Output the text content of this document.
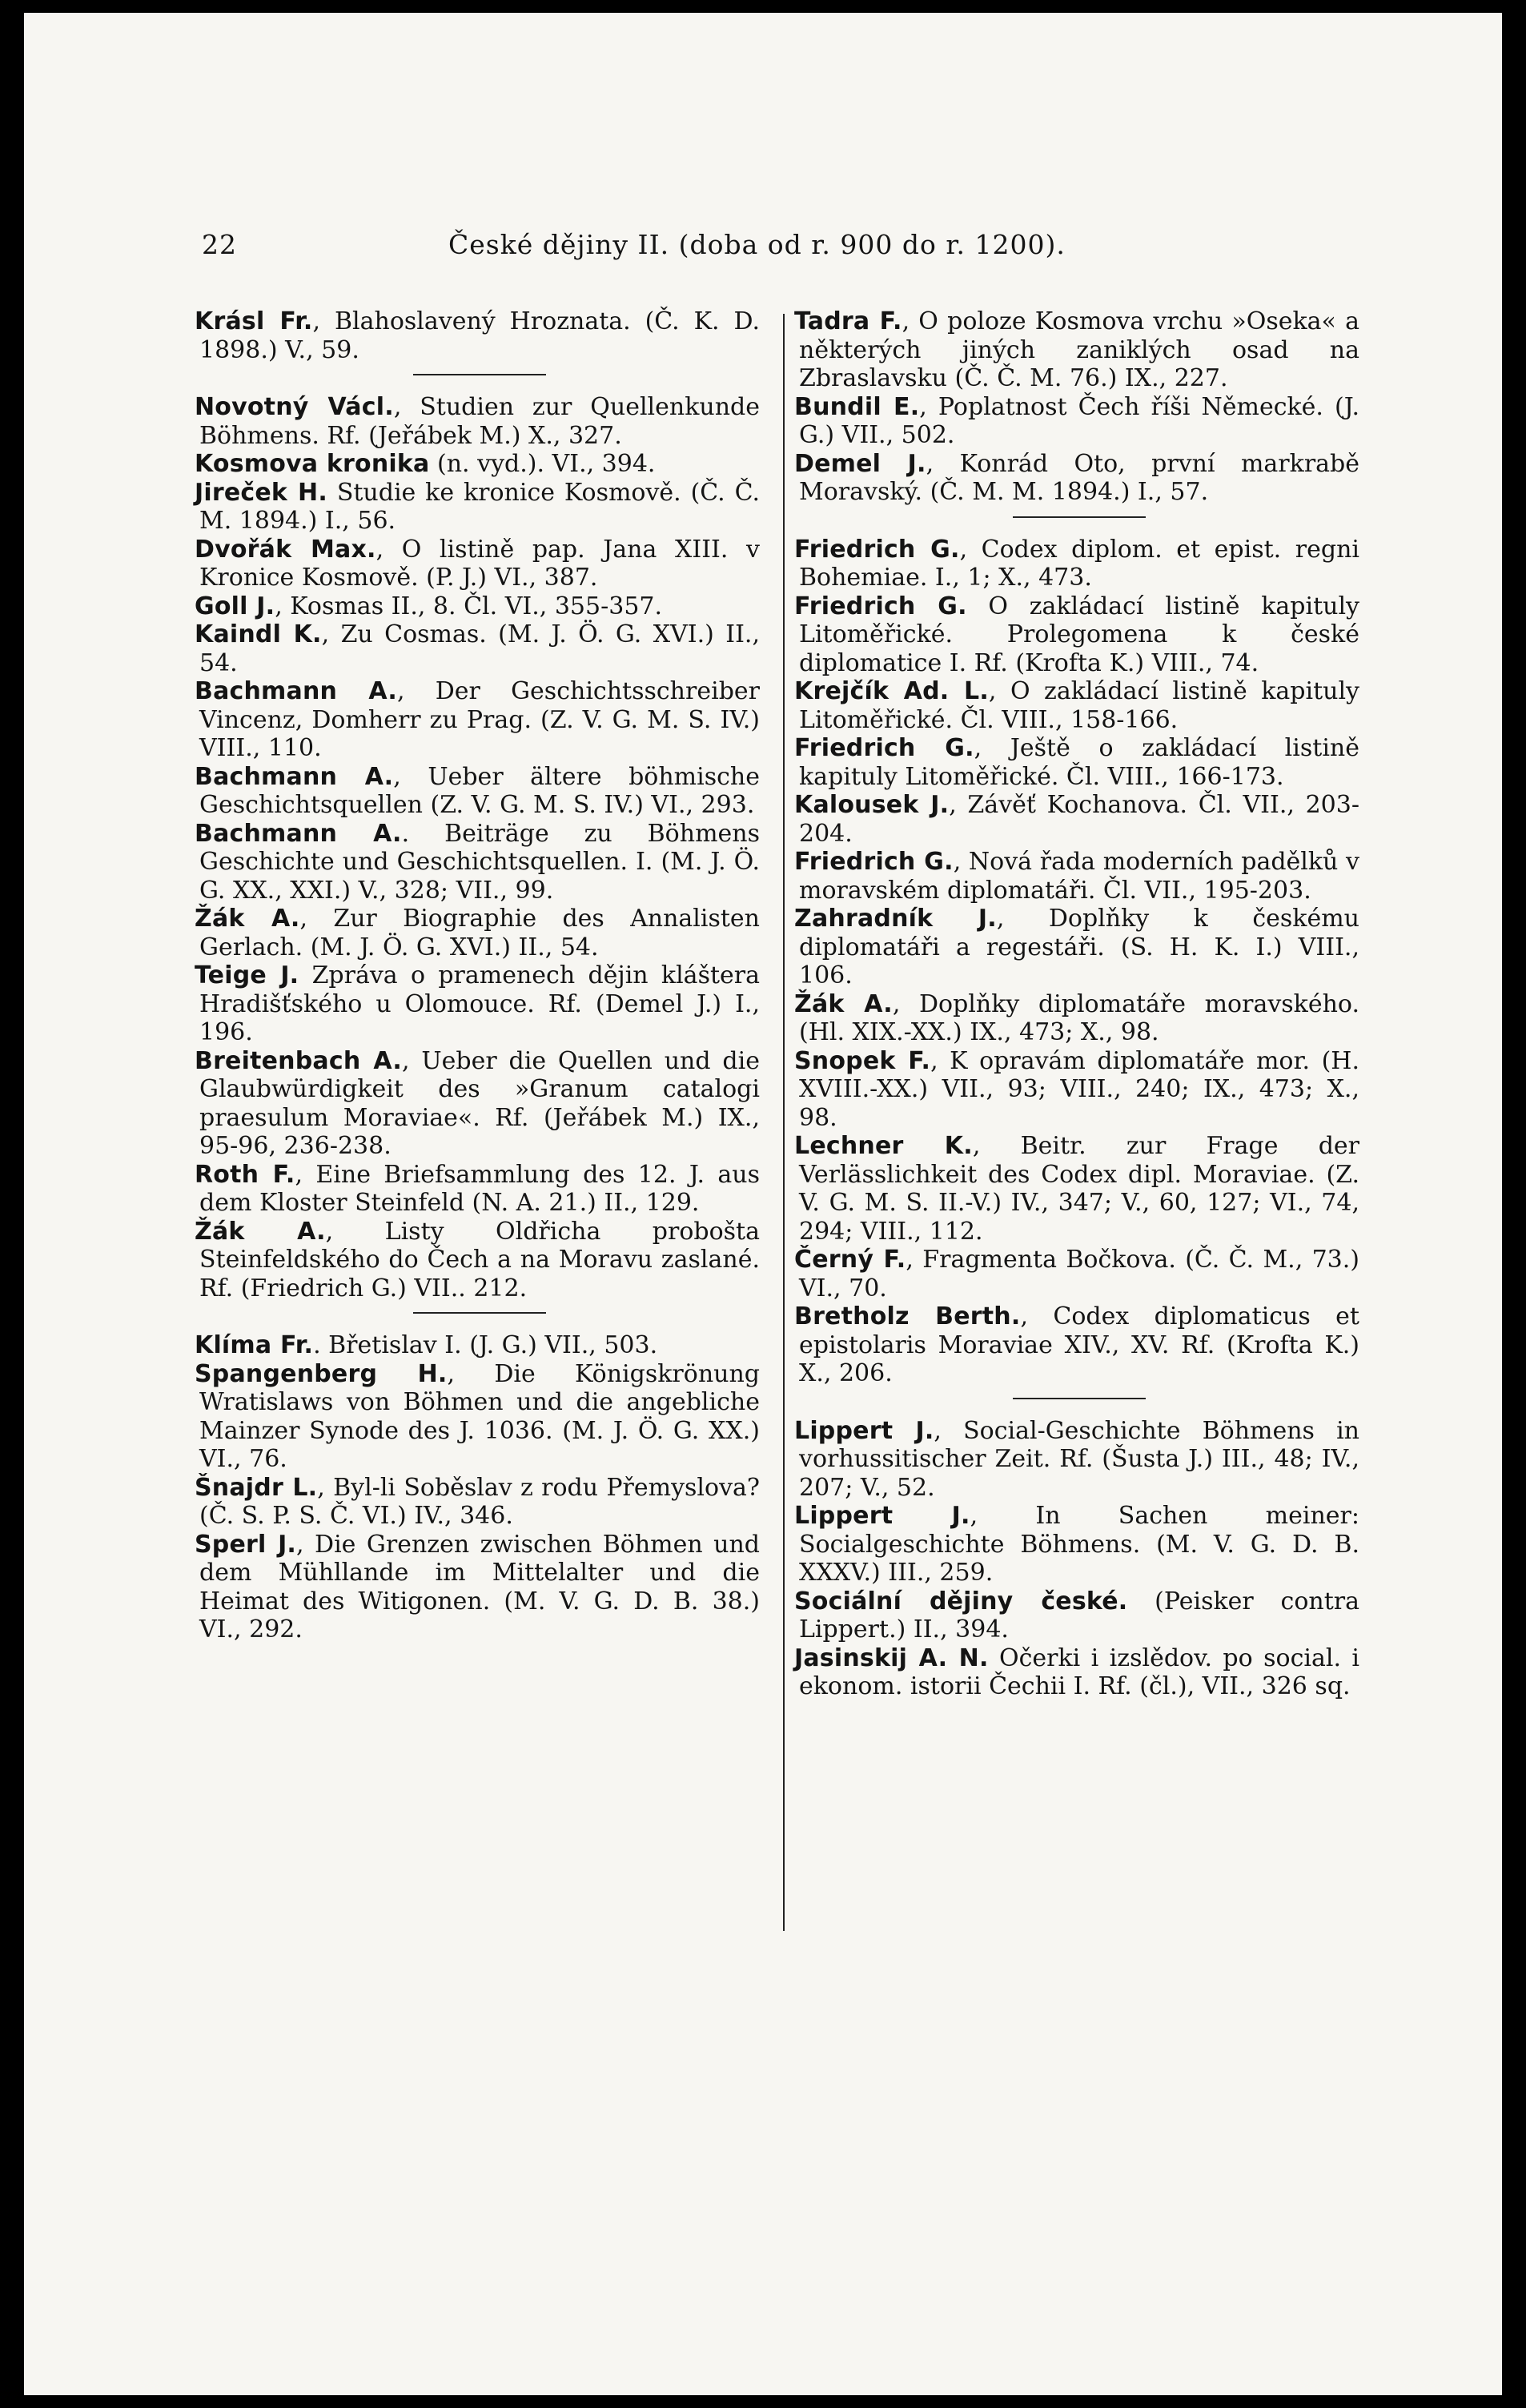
22	České dějiny II. (doba od r. 900 do r. 1200).
Krásl Fr., Blahoslavený Hroznata. (Č. K. D. 1898.) V., 59.
Novotný Václ., Studien zur Quellenkunde Böhmens. Rf. (Jeřábek M.) X., 327.
Kosmova kronika (n. vyd.). VI., 394.
Jireček H. Studie ke kronice Kosmově. (Č. Č. M. 1894.) I., 56.
Dvořák Max., O listině pap. Jana XIII. v Kronice Kosmově. (P. J.) VI., 387.
Goll J., Kosmas II., 8. Čl. VI., 355-357.
Kaindl K., Zu Cosmas. (M. J. Ö. G. XVI.) II., 54.
Bachmann A., Der Geschichtsschreiber Vincenz, Domherr zu Prag. (Z. V. G. M. S. IV.) VIII., 110.
Bachmann A., Ueber ältere böhmische Geschichtsquellen (Z. V. G. M. S. IV.) VI., 293.
Bachmann A.. Beiträge zu Böhmens Geschichte und Geschichtsquellen. I. (M. J. Ö. G. XX., XXI.) V., 328; VII., 99.
Žák A., Zur Biographie des Annalisten Gerlach. (M. J. Ö. G. XVI.) II., 54.
Teige J. Zpráva o pramenech dějin kláštera Hradišťského u Olomouce. Rf. (Demel J.) I., 196.
Breitenbach A., Ueber die Quellen und die Glaubwürdigkeit des »Granum catalogi praesulum Moraviae«. Rf. (Jeřábek M.) IX., 95-96, 236-238.
Roth F., Eine Briefsammlung des 12. J. aus dem Kloster Steinfeld (N. A. 21.) II., 129.
Žák A., Listy Oldřicha probošta Steinfeldského do Čech a na Moravu zaslané. Rf. (Friedrich G.) VII.. 212.
Klíma Fr.. Břetislav I. (J. G.) VII., 503.
Spangenberg H., Die Königskrönung Wratislaws von Böhmen und die angebliche Mainzer Synode des J. 1036. (M. J. Ö. G. XX.) VI., 76.
Šnajdr L., Byl-li Soběslav z rodu Přemyslova? (Č. S. P. S. Č. VI.) IV., 346.
Sperl J., Die Grenzen zwischen Böhmen und dem Mühllande im Mittelalter und die Heimat des Witigonen. (M. V. G. D. B. 38.) VI., 292.
Tadra F., O poloze Kosmova vrchu »Oseka« a některých jiných zaniklých osad na Zbraslavsku (Č. Č. M. 76.) IX., 227.
Bundil E., Poplatnost Čech říši Německé. (J. G.) VII., 502.
Demel J., Konrád Oto, první markrabě Moravský. (Č. M. M. 1894.) I., 57.
Friedrich G., Codex diplom. et epist. regni Bohemiae. I., 1; X., 473.
Friedrich G. O zakládací listině kapituly Litoměřické. Prolegomena k české diplomatice I. Rf. (Krofta K.) VIII., 74.
Krejčík Ad. L., O zakládací listině kapituly Litoměřické. Čl. VIII., 158-166.
Friedrich G., Ještě o zakládací listině kapituly Litoměřické. Čl. VIII., 166-173.
Kalousek J., Závěť Kochanova. Čl. VII., 203-204.
Friedrich G., Nová řada moderních padělků v moravském diplomatáři. Čl. VII., 195-203.
Zahradník J., Doplňky k českému diplomatáři a regestáři. (S. H. K. I.) VIII., 106.
Žák A., Doplňky diplomatáře moravského. (Hl. XIX.-XX.) IX., 473; X., 98.
Snopek F., K opravám diplomatáře mor. (H. XVIII.-XX.) VII., 93; VIII., 240; IX., 473; X., 98.
Lechner K., Beitr. zur Frage der Verlässlichkeit des Codex dipl. Moraviae. (Z. V. G. M. S. II.-V.) IV., 347; V., 60, 127; VI., 74, 294; VIII., 112.
Černý F., Fragmenta Bočkova. (Č. Č. M., 73.) VI., 70.
Bretholz Berth., Codex diplomaticus et epistolaris Moraviae XIV., XV. Rf. (Krofta K.) X., 206.
Lippert J., Social-Geschichte Böhmens in vorhussitischer Zeit. Rf. (Šusta J.) III., 48; IV., 207; V., 52.
Lippert J., In Sachen meiner: Socialgeschichte Böhmens. (M. V. G. D. B. XXXV.) III., 259.
Sociální dějiny české. (Peisker contra Lippert.) II., 394.
Jasinskij A. N. Očerki i izslědov. po social. i ekonom. istorii Čechii I. Rf. (čl.), VII., 326 sq.
